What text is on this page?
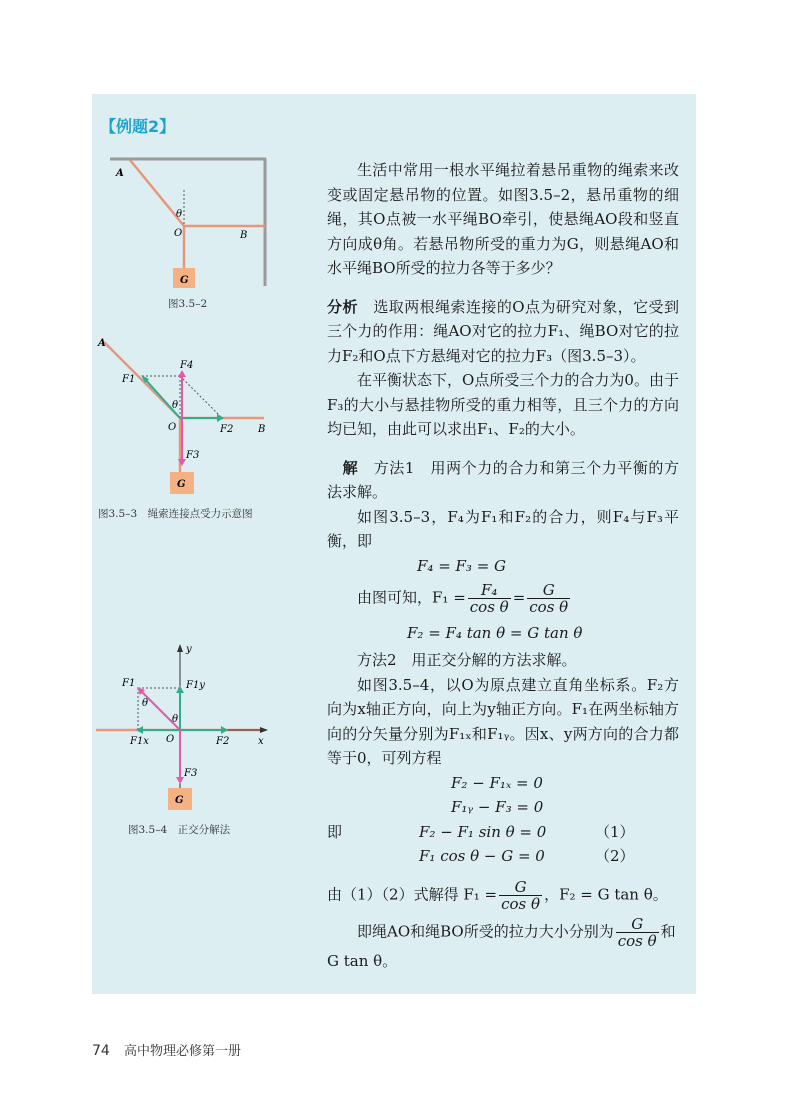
【例题2】
A
θ
O	B
G
图3.5–2
A
F4
F1
θ
O	F2 B
F3
G
图3.5–3　绳索连接点受力示意图
y
F1	F1y
θ
θ
F1x O	F2	x
F3
G
图3.5–4　正交分解法

生活中常用一根水平绳拉着悬吊重物的绳索来改变或固定悬吊物的位置。如图3.5–2，悬吊重物的细绳，其O点被一水平绳BO牵引，使悬绳AO段和竖直方向成θ角。若悬吊物所受的重力为G，则悬绳AO和水平绳BO所受的拉力各等于多少？

分析　 选取两根绳索连接的O点为研究对象，它受到三个力的作用：绳AO对它的拉力F₁、绳BO对它的拉力F₂和O点下方悬绳对它的拉力F₃（图3.5–3）。

在平衡状态下，O点所受三个力的合力为0。由于F₃的大小与悬挂物所受的重力相等，且三个力的方向均已知，由此可以求出F₁、F₂的大小。

　解　 方法1　用两个力的合力和第三个力平衡的方法求解。

如图3.5–3，F₄为F₁和F₂的合力，则F₄与F₃平衡，即

F₄ = F₃ = G

由图可知，$F_1 = \frac{\text{F₄}}{\text{cos θ}} = \frac{G}{\text{cos θ}}$

F₂ = F₄ tan θ = G tan θ

方法2　用正交分解的方法求解。

如图3.5–4，以O为原点建立直角坐标系。F₂方向为x轴正方向，向上为y轴正方向。F₁在两坐标轴方向的分矢量分别为F₁ₓ和F₁ᵧ。因x、y两方向的合力都等于0，可列方程

F₂ − F₁ₓ = 0

F₁ᵧ − F₃ = 0

即	F₂ − F₁ sin θ = 0	（1）

F₁ cos θ − G = 0	（2）

由（1）（2）式解得 $F_1 = \frac{G}{\text{cos θ}}$ ，F₂ = G tan θ。

即绳AO和绳BO所受的拉力大小分别为 $\frac{G}{\text{cos θ}}$ 和

G tan θ。

74 高中物理必修第一册
